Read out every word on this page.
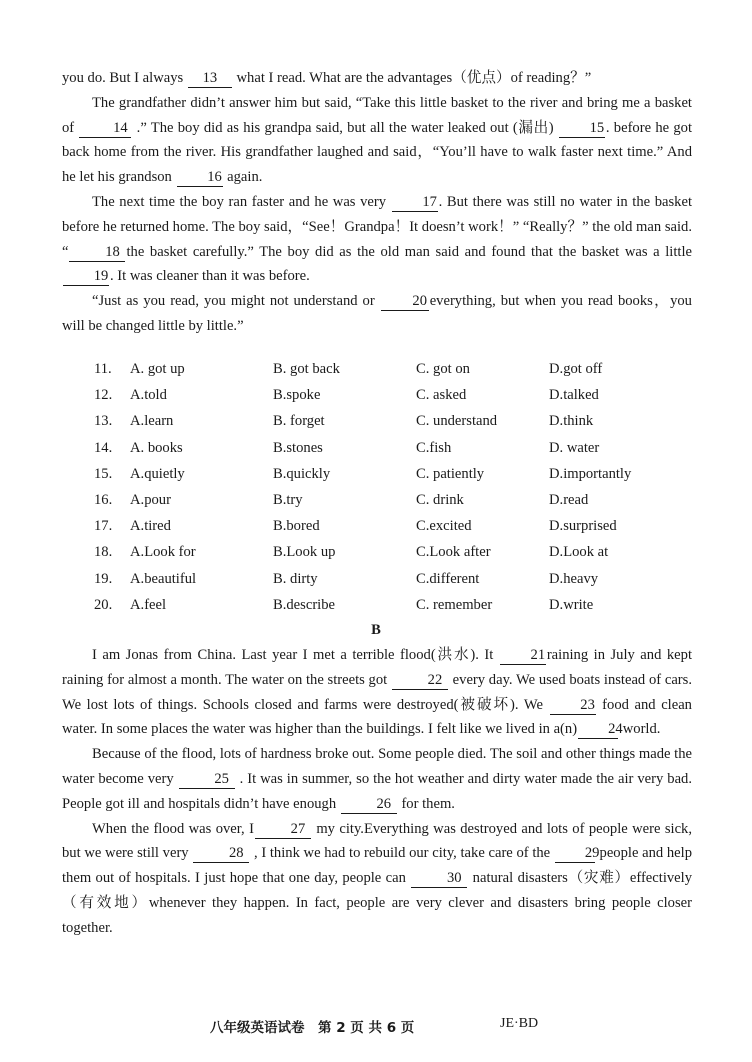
you do. But I always 13 what I read. What are the advantages（优点）of reading？”

The grandfather didn’t answer him but said, “Take this little basket to the river and bring me a basket of 14 .” The boy did as his grandpa said, but all the water leaked out (漏出) 15 . before he got back home from the river. His grandfather laughed and said，“You’ll have to walk faster next time.” And he let his grandson 16 again.

The next time the boy ran faster and he was very 17 . But there was still no water in the basket before he returned home. The boy said，“See！Grandpa！It doesn’t work！” “Really？” the old man said. “	18 the basket carefully.” The boy did as the old man said and found that the basket was a little 19 . It was cleaner than it was before.

“Just as you read, you might not understand or 20 everything, but when you read books，you will be changed little by little.”

11. A. got up	B. got back	C. got on	D.got off
12. A.told	B.spoke	C. asked	D.talked
13. A.learn	B. forget	C. understand	D.think
14. A. books	B.stones	C.fish	D. water
15. A.quietly	B.quickly	C. patiently	D.importantly
16. A.pour	B.try	C. drink	D.read
17. A.tired	B.bored	C.excited	D.surprised
18. A.Look for	B.Look up	C.Look after	D.Look at
19. A.beautiful	B. dirty	C.different	D.heavy
20. A.feel	B.describe	C. remember	D.write
B

I am Jonas from China. Last year I met a terrible flood(洪水). It 21 raining in July and kept raining for almost a month. The water on the streets got	22 every day. We used boats instead of cars. We lost lots of things. Schools closed and farms were destroyed(被破坏). We 23 food and clean water. In some places the water was higher than the buildings. I felt like we lived in a(n) 24 world.

Because of the flood, lots of hardness broke out. Some people died. The soil and other things made the water become very	25 . It was in summer, so the hot weather and dirty water made the air very bad. People got ill and hospitals didn’t have enough	26 for them.

When the flood was over, I	27 my city.Everything was destroyed and lots of people were sick, but we were still very	28 , I think we had to rebuild our city, take care of the 29 people and help them out of hospitals. I just hope that one day, people can	30 natural disasters（灾难）effectively（有效地）whenever they happen. In fact, people are very clever and disasters bring people closer together.

八年级英语试卷　第 2 页 共 6 页	JE·BD
